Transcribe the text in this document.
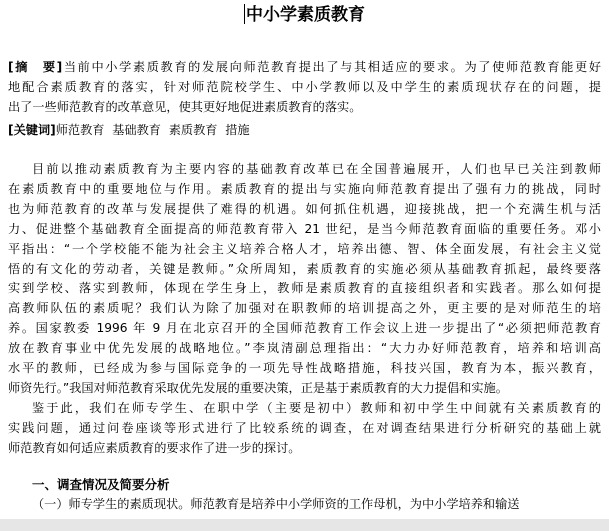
中小学素质教育
[摘　要]当前中小学素质教育的发展向师范教育提出了与其相适应的要求。为了使师范教育能更好
地配合素质教育的落实，针对师范院校学生、中小学教师以及中学生的素质现状存在的问题，提
出了一些师范教育的改革意见，使其更好地促进素质教育的落实。
[关键词]师范教育  基础教育  素质教育  措施
目前以推动素质教育为主要内容的基础教育改革已在全国普遍展开，人们也早已关注到教师
在素质教育中的重要地位与作用。素质教育的提出与实施向师范教育提出了强有力的挑战，同时
也为师范教育的改革与发展提供了难得的机遇。如何抓住机遇，迎接挑战，把一个充满生机与活
力、促进整个基础教育全面提高的师范教育带入 21 世纪，是当今师范教育面临的重要任务。邓小
平指出：“一个学校能不能为社会主义培养合格人才，培养出德、智、体全面发展，有社会主义觉
悟的有文化的劳动者，关键是教师。”众所周知，素质教育的实施必须从基础教育抓起，最终要落
实到学校、落实到教师，体现在学生身上，教师是素质教育的直接组织者和实践者。那么如何提
高教师队伍的素质呢？我们认为除了加强对在职教师的培训提高之外，更主要的是对师范生的培
养。国家教委 1996 年 9 月在北京召开的全国师范教育工作会议上进一步提出了“必须把师范教育
放在教育事业中优先发展的战略地位。”李岚清副总理指出：“大力办好师范教育，培养和培训高
水平的教师，已经成为参与国际竞争的一项先导性战略措施，科技兴国，教育为本，振兴教育，
师资先行。”我国对师范教育采取优先发展的重要决策，正是基于素质教育的大力提倡和实施。
鉴于此，我们在师专学生、在职中学（主要是初中）教师和初中学生中间就有关素质教育的
实践问题，通过问卷座谈等形式进行了比较系统的调查，在对调查结果进行分析研究的基础上就
师范教育如何适应素质教育的要求作了进一步的探讨。
一、调查情况及简要分析
（一）师专学生的素质现状。师范教育是培养中小学师资的工作母机，为中小学培养和输送
